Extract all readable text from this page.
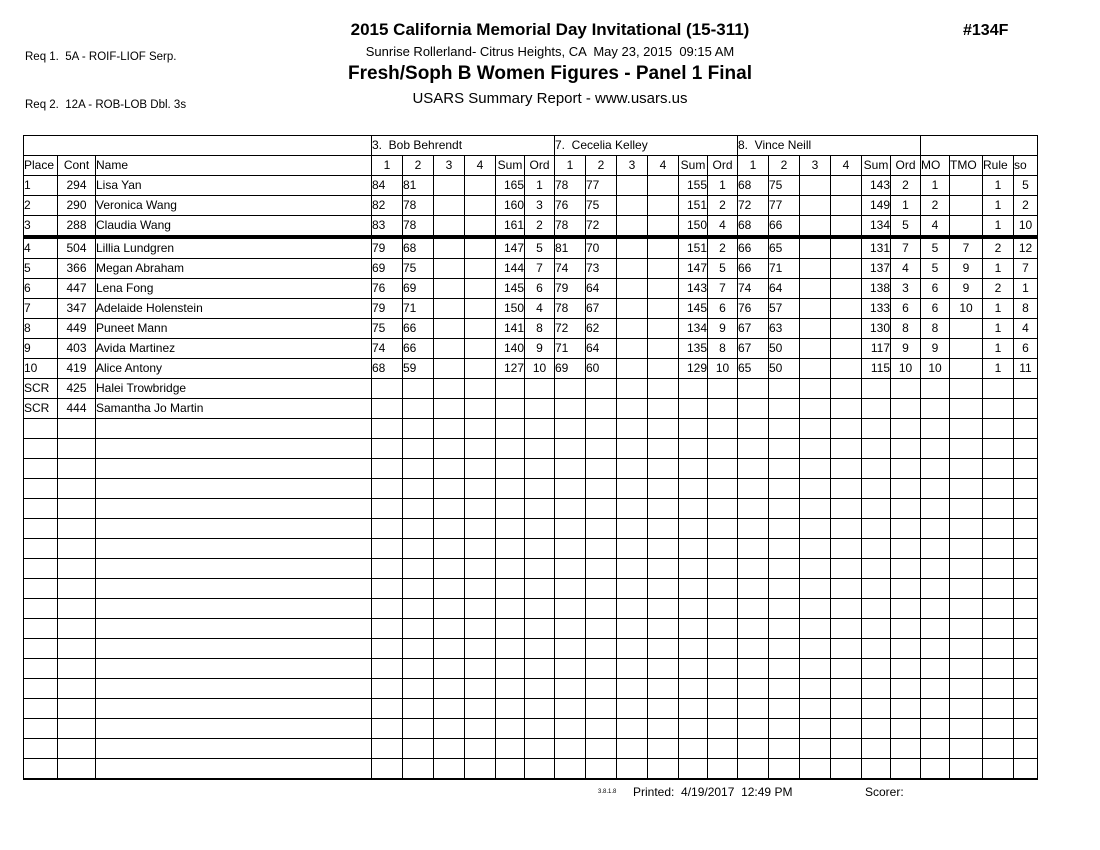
Req 1.  5A - ROIF-LIOF Serp.

Req 2.  12A - ROB-LOB Dbl. 3s

#134F
2015 California Memorial Day Invitational (15-311)
Sunrise Rollerland- Citrus Heights, CA  May 23, 2015  09:15 AM
Fresh/Soph B Women Figures - Panel 1 Final
USARS Summary Report - www.usars.us
			3.  Bob Behrendt						7.  Cecelia Kelley						8.  Vince Neill									
Place	Cont	Name	1	2	3	4	Sum	Ord	1	2	3	4	Sum	Ord	1	2	3	4	Sum	Ord	MO	TMO	Rule	so
1	294	Lisa Yan	84	81			165	1	78	77			155	1	68	75			143	2	1		1	5
2	290	Veronica Wang	82	78			160	3	76	75			151	2	72	77			149	1	2		1	2
3	288	Claudia Wang	83	78			161	2	78	72			150	4	68	66			134	5	4		1	10
4	504	Lillia Lundgren	79	68			147	5	81	70			151	2	66	65			131	7	5	7	2	12
5	366	Megan Abraham	69	75			144	7	74	73			147	5	66	71			137	4	5	9	1	7
6	447	Lena Fong	76	69			145	6	79	64			143	7	74	64			138	3	6	9	2	1
7	347	Adelaide Holenstein	79	71			150	4	78	67			145	6	76	57			133	6	6	10	1	8
8	449	Puneet Mann	75	66			141	8	72	62			134	9	67	63			130	8	8		1	4
9	403	Avida Martinez	74	66			140	9	71	64			135	8	67	50			117	9	9		1	6
10	419	Alice Antony	68	59			127	10	69	60			129	10	65	50			115	10	10		1	11
SCR	425	Halei Trowbridge																						
SCR	444	Samantha Jo Martin																						

3.8.1.8 Printed:  4/19/2017  12:49 PM	Scorer:
